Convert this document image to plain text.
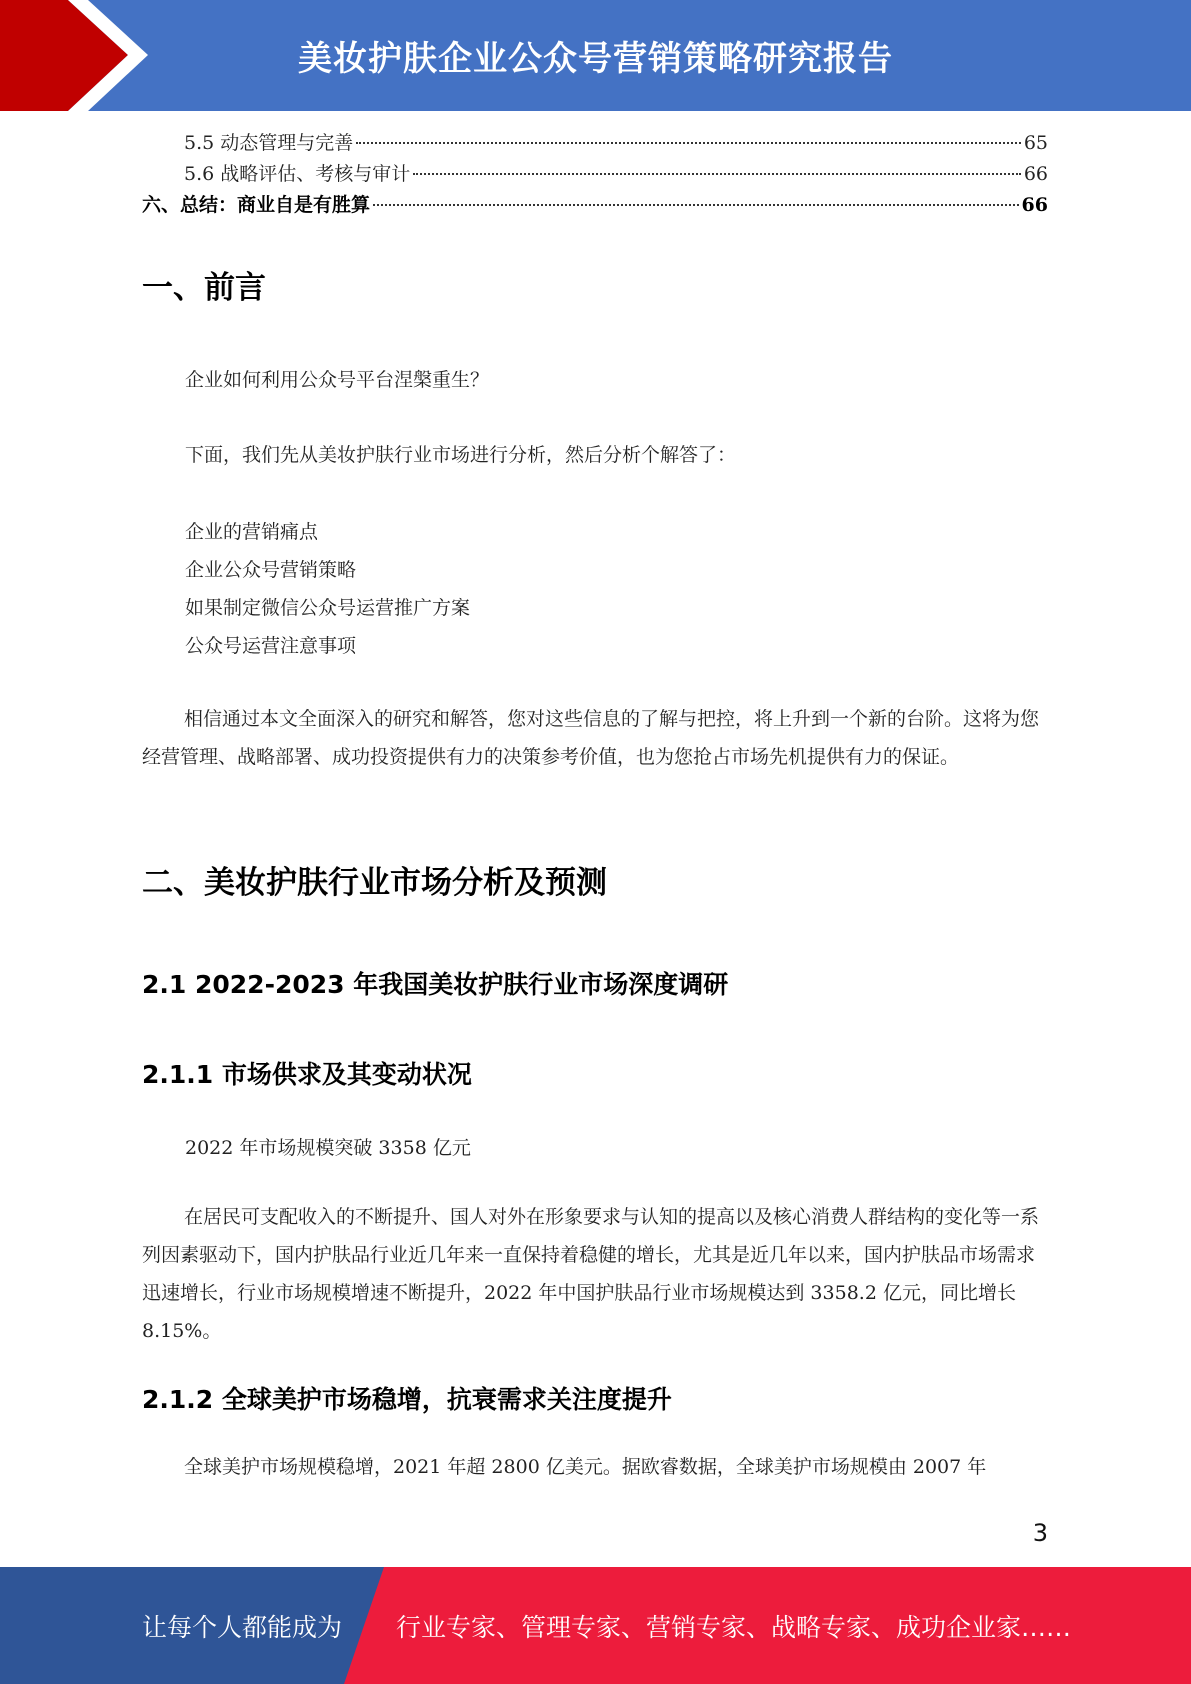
美妆护肤企业公众号营销策略研究报告
5.5 动态管理与完善	65
5.6 战略评估、考核与审计	66
六、总结：商业自是有胜算	66
一、前言
企业如何利用公众号平台涅槃重生？
下面，我们先从美妆护肤行业市场进行分析，然后分析个解答了：
企业的营销痛点
企业公众号营销策略
如果制定微信公众号运营推广方案
公众号运营注意事项

相信通过本文全面深入的研究和解答，您对这些信息的了解与把控，将上升到一个新的台阶。这将为您经营管理、战略部署、成功投资提供有力的决策参考价值，也为您抢占市场先机提供有力的保证。

二、美妆护肤行业市场分析及预测
2.1 2022-2023 年我国美妆护肤行业市场深度调研
2.1.1 市场供求及其变动状况
2022 年市场规模突破 3358 亿元

在居民可支配收入的不断提升、国人对外在形象要求与认知的提高以及核心消费人群结构的变化等一系列因素驱动下，国内护肤品行业近几年来一直保持着稳健的增长，尤其是近几年以来，国内护肤品市场需求迅速增长，行业市场规模增速不断提升，2022 年中国护肤品行业市场规模达到 3358.2 亿元，同比增长 8.15%。

2.1.2 全球美护市场稳增，抗衰需求关注度提升

全球美护市场规模稳增，2021 年超 2800 亿美元。据欧睿数据，全球美护市场规模由 2007 年

3
让每个人都能成为 行业专家、管理专家、营销专家、战略专家、成功企业家……
